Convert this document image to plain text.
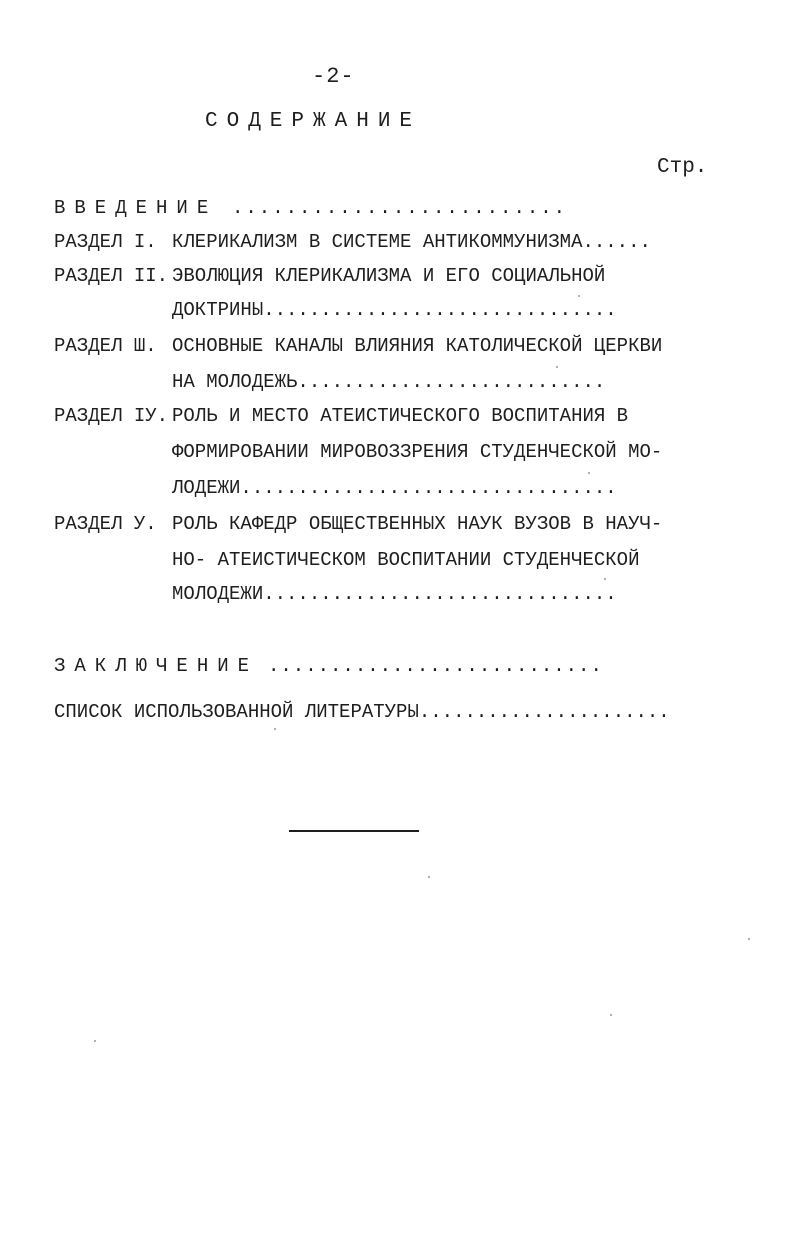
-2-
СОДЕРЖАНИЕ
Стр.
ВВЕДЕНИЕ .........................
РАЗДЕЛ I. КЛЕРИКАЛИЗМ В СИСТЕМЕ АНТИКОММУНИЗМА......
РАЗДЕЛ II. ЭВОЛЮЦИЯ КЛЕРИКАЛИЗМА И ЕГО СОЦИАЛЬНОЙ
ДОКТРИНЫ...............................
РАЗДЕЛ Ш. ОСНОВНЫЕ КАНАЛЫ ВЛИЯНИЯ КАТОЛИЧЕСКОЙ ЦЕРКВИ
НА МОЛОДЕЖЬ...........................
РАЗДЕЛ IУ. РОЛЬ И МЕСТО АТЕИСТИЧЕСКОГО ВОСПИТАНИЯ В
ФОРМИРОВАНИИ МИРОВОЗЗРЕНИЯ СТУДЕНЧЕСКОЙ МО-
ЛОДЕЖИ.................................
РАЗДЕЛ У. РОЛЬ КАФЕДР ОБЩЕСТВЕННЫХ НАУК ВУЗОВ В НАУЧ-
НО- АТЕИСТИЧЕСКОМ ВОСПИТАНИИ СТУДЕНЧЕСКОЙ
МОЛОДЕЖИ...............................
ЗАКЛЮЧЕНИЕ ...........................
СПИСОК ИСПОЛЬЗОВАННОЙ ЛИТЕРАТУРЫ......................
